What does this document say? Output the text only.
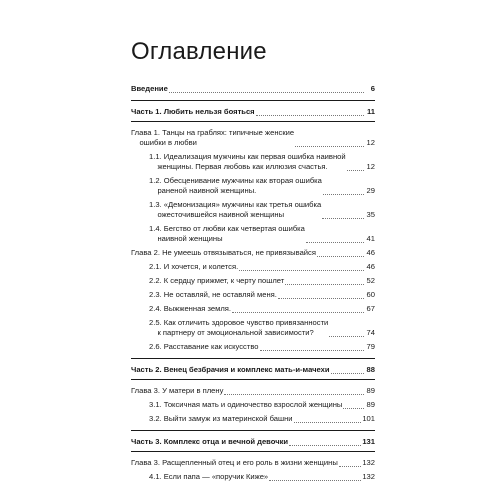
Оглавление
Введение	6
Часть 1. Любить нельзя бояться	11
Глава 1. Танцы на граблях: типичные женские
ошибки в любви	12
1.1. Идеализация мужчины как первая ошибка наивной
женщины. Первая любовь как иллюзия счастья.	12
1.2. Обесценивание мужчины как вторая ошибка
раненой наивной женщины.	29
1.3. «Демонизация» мужчины как третья ошибка
ожесточившейся наивной женщины	35
1.4. Бегство от любви как четвертая ошибка
наивной женщины	41
Глава 2. Не умеешь отвязываться, не привязывайся	46
2.1. И хочется, и колется.	46
2.2. К сердцу прижмет, к черту пошлет	52
2.3. Не оставляй, не оставляй меня.	60
2.4. Выжженная земля.	67
2.5. Как отличить здоровое чувство привязанности
к партнеру от эмоциональной зависимости?	74
2.6. Расставание как искусство	79
Часть 2. Венец безбрачия и комплекс мать-и-мачехи	88
Глава 3. У матери в плену	89
3.1. Токсичная мать и одиночество взрослой женщины	89
3.2. Выйти замуж из материнской башни	101
Часть 3. Комплекс отца и вечной девочки	131
Глава 3. Расщепленный отец и его роль в жизни женщины	132
4.1. Если папа — «поручик Киже»	132
